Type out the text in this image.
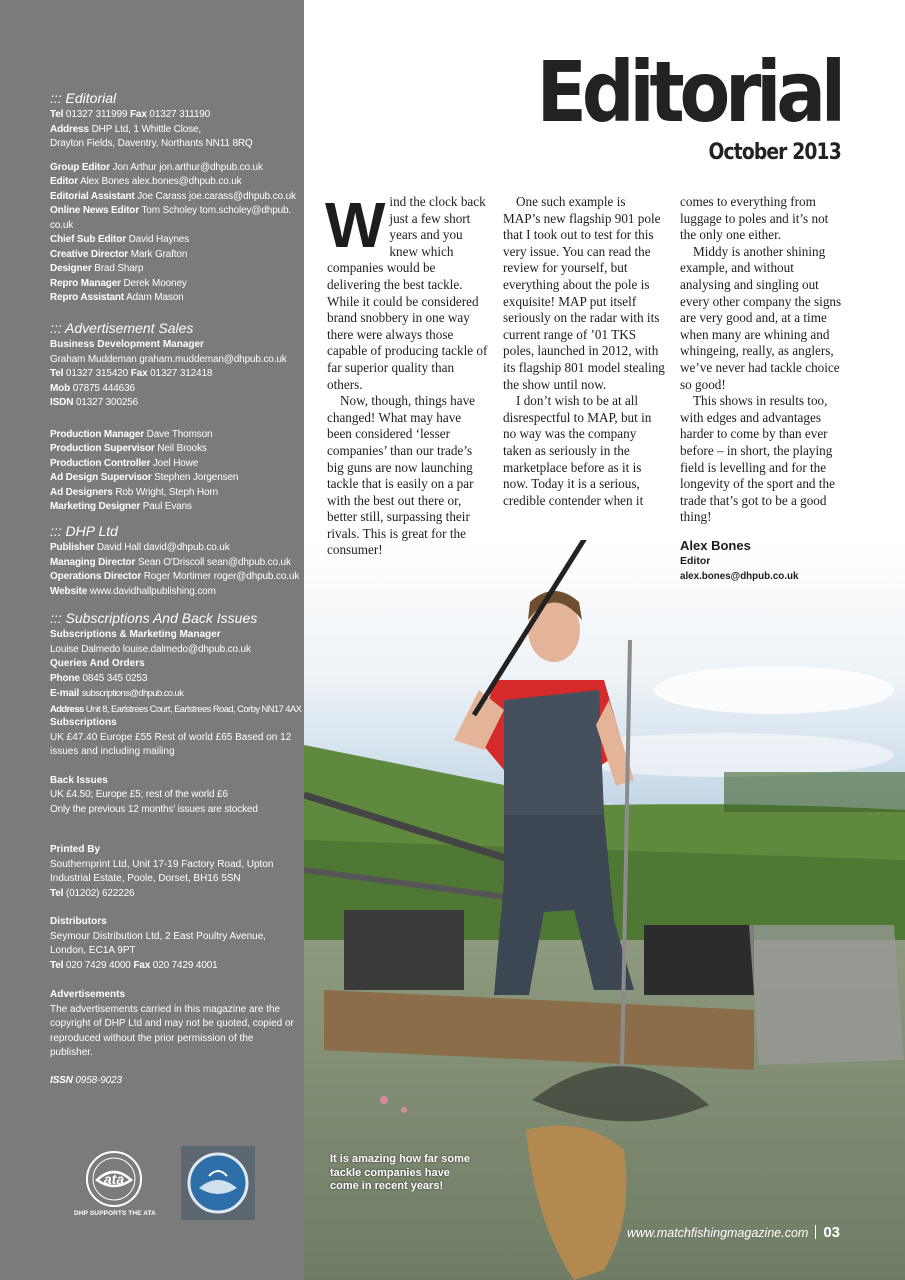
::: Editorial

Tel 01327 311999 Fax 01327 311190

Address DHP Ltd, 1 Whittle Close,

Drayton Fields, Daventry, Northants NN11 8RQ

Group Editor Jon Arthur jon.arthur@dhpub.co.uk

Editor Alex Bones alex.bones@dhpub.co.uk

Editorial Assistant Joe Carass joe.carass@dhpub.co.uk

Online News Editor Tom Scholey tom.scholey@dhpub.

co.uk

Chief Sub Editor David Haynes

Creative Director Mark Grafton

Designer Brad Sharp

Repro Manager Derek Mooney

Repro Assistant Adam Mason

::: Advertisement Sales

Business Development Manager

Graham Muddeman graham.muddeman@dhpub.co.uk

Tel 01327 315420 Fax 01327 312418

Mob 07875 444636

ISDN 01327 300256

Production Manager Dave Thomson

Production Supervisor Neil Brooks

Production Controller Joel Howe

Ad Design Supervisor Stephen Jorgensen

Ad Designers Rob Wright, Steph Horn

Marketing Designer Paul Evans

::: DHP Ltd

Publisher David Hall david@dhpub.co.uk

Managing Director Sean O'Driscoll sean@dhpub.co.uk

Operations Director Roger Mortimer roger@dhpub.co.uk

Website www.davidhallpublishing.com

::: Subscriptions And Back Issues

Subscriptions & Marketing Manager

Louise Dalmedo louise.dalmedo@dhpub.co.uk

Queries And Orders

Phone 0845 345 0253

E-mail subscriptions@dhpub.co.uk

Address Unit 8, Earlstrees Court, Earlstrees Road, Corby NN17 4AX

Subscriptions

UK £47.40 Europe £55 Rest of world £65 Based on 12 issues and including mailing

Back Issues

UK £4.50; Europe £5; rest of the world £6

Only the previous 12 months' issues are stocked

Printed By

Southernprint Ltd, Unit 17-19 Factory Road, Upton Industrial Estate, Poole, Dorset, BH16 5SN

Tel (01202) 622226

Distributors

Seymour Distribution Ltd, 2 East Poultry Avenue, London, EC1A 9PT

Tel 020 7429 4000 Fax 020 7429 4001

Advertisements

The advertisements carried in this magazine are the copyright of DHP Ltd and may not be quoted, copied or reproduced without the prior permission of the publisher.

ISSN 0958-9023

ata
DHP SUPPORTS THE ATA
Editorial
October 2013

Wind the clock back just a few short years and you knew which companies would be delivering the best tackle. While it could be considered brand snobbery in one way there were always those capable of producing tackle of far superior quality than others.

Now, though, things have changed! What may have been considered ‘lesser companies’ than our trade’s big guns are now launching tackle that is easily on a par with the best out there or, better still, surpassing their rivals. This is great for the consumer!

One such example is MAP’s new flagship 901 pole that I took out to test for this very issue. You can read the review for yourself, but everything about the pole is exquisite! MAP put itself seriously on the radar with its current range of ’01 TKS poles, launched in 2012, with its flagship 801 model stealing the show until now.

I don’t wish to be at all disrespectful to MAP, but in no way was the company taken as seriously in the marketplace before as it is now. Today it is a serious, credible contender when it

comes to everything from luggage to poles and it’s not the only one either.

Middy is another shining example, and without analysing and singling out every other company the signs are very good and, at a time when many are whining and whingeing, really, as anglers, we’ve never had tackle choice so good!

This shows in results too, with edges and advantages harder to come by than ever before – in short, the playing field is levelling and for the longevity of the sport and the trade that’s got to be a good thing!

Alex Bones

Editor

alex.bones@dhpub.co.uk

It is amazing how far some tackle companies have come in recent years!
www.matchfishingmagazine.com 03
